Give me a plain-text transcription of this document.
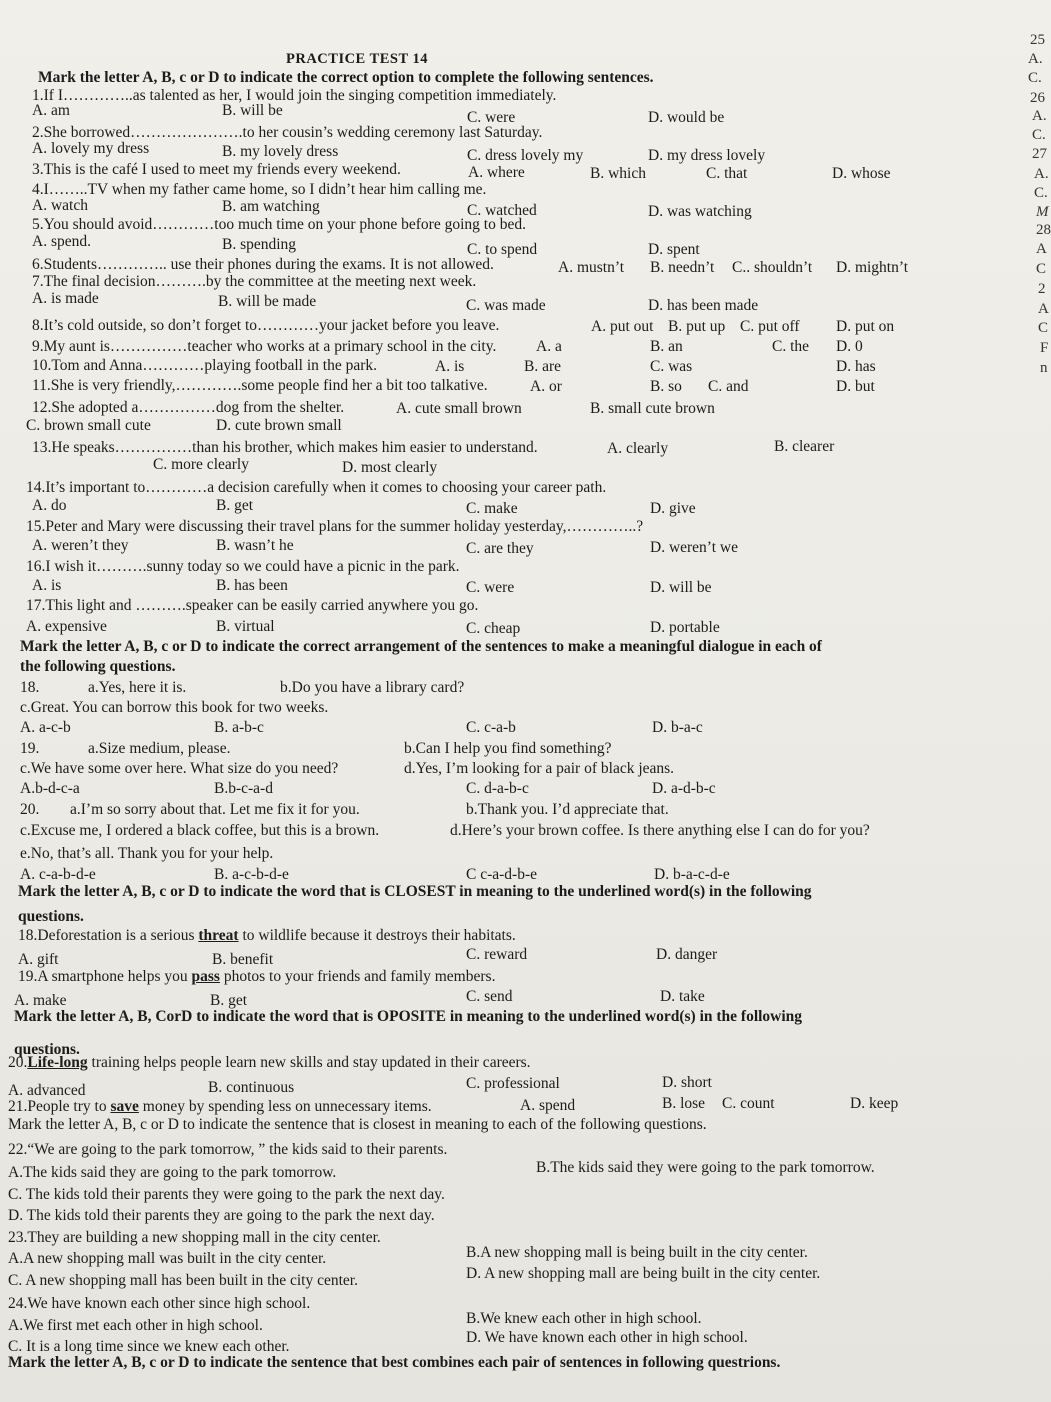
PRACTICE TEST 14
Mark the letter A, B, c or D to indicate the correct option to complete the following sentences.
1.If I…………..as talented as her, I would join the singing competition immediately.
A. am	B. will be	C. were	D. would be
2.She borrowed………………….to her cousin’s wedding ceremony last Saturday.
A. lovely my dress	B. my lovely dress	C. dress lovely my	D. my dress lovely
3.This is the café I used to meet my friends every weekend.	A. where	B. which	C. that	D. whose
4.I……..TV when my father came home, so I didn’t hear him calling me.
A. watch	B. am watching	C. watched	D. was watching
5.You should avoid…………too much time on your phone before going to bed.
A. spend.	B. spending	C. to spend	D. spent
6.Students………….. use their phones during the exams. It is not allowed.	A. mustn’t B. needn’t C.. shouldn’t D. mightn’t
7.The final decision……….by the committee at the meeting next week.
A. is made	B. will be made	C. was made	D. has been made
8.It’s cold outside, so don’t forget to…………your jacket before you leave.	A. put out B. put up C. put off D. put on
9.My aunt is……………teacher who works at a primary school in the city.	A. a	B. an	C. the D. 0
10.Tom and Anna…………playing football in the park.	A. is	B. are	C. was	D. has
11.She is very friendly,………….some people find her a bit too talkative.	A. or	B. so C. and	D. but
12.She adopted a……………dog from the shelter.	A. cute small brown	B. small cute brown
C. brown small cute	D. cute brown small
13.He speaks……………than his brother, which makes him easier to understand.	A. clearly	B. clearer
C. more clearly	D. most clearly
14.It’s important to…………a decision carefully when it comes to choosing your career path.
A. do	B. get	C. make	D. give
15.Peter and Mary were discussing their travel plans for the summer holiday yesterday,…………..?
A. weren’t they	B. wasn’t he	C. are they	D. weren’t we
16.I wish it……….sunny today so we could have a picnic in the park.
A. is	B. has been	C. were	D. will be
17.This light and ……….speaker can be easily carried anywhere you go.
A. expensive	B. virtual	C. cheap	D. portable
Mark the letter A, B, c or D to indicate the correct arrangement of the sentences to make a meaningful dialogue in each of
the following questions.
18.	a.Yes, here it is.	b.Do you have a library card?
c.Great. You can borrow this book for two weeks.
A. a-c-b	B. a-b-c	C. c-a-b	D. b-a-c
19.	a.Size medium, please.	b.Can I help you find something?
c.We have some over here. What size do you need?	d.Yes, I’m looking for a pair of black jeans.
A.b-d-c-a	B.b-c-a-d	C. d-a-b-c	D. a-d-b-c
20. a.I’m so sorry about that. Let me fix it for you.	b.Thank you. I’d appreciate that.
c.Excuse me, I ordered a black coffee, but this is a brown.	d.Here’s your brown coffee. Is there anything else I can do for you?
e.No, that’s all. Thank you for your help.
A. c-a-b-d-e	B. a-c-b-d-e	C c-a-d-b-e	D. b-a-c-d-e
Mark the letter A, B, c or D to indicate the word that is CLOSEST in meaning to the underlined word(s) in the following
questions.
18.Deforestation is a serious threat to wildlife because it destroys their habitats.
A. gift	B. benefit	C. reward	D. danger
19.A smartphone helps you pass photos to your friends and family members.
A. make	B. get	C. send	D. take
Mark the letter A, B, CorD to indicate the word that is OPOSITE in meaning to the underlined word(s) in the following
questions.
20.Life-long training helps people learn new skills and stay updated in their careers.
A. advanced	B. continuous	C. professional	D. short
21.People try to save money by spending less on unnecessary items.	A. spend	B. lose C. count	D. keep
Mark the letter A, B, c or D to indicate the sentence that is closest in meaning to each of the following questions.
22.“We are going to the park tomorrow, ” the kids said to their parents.
A.The kids said they are going to the park tomorrow.	B.The kids said they were going to the park tomorrow.
C. The kids told their parents they were going to the park the next day.
D. The kids told their parents they are going to the park the next day.
23.They are building a new shopping mall in the city center.
A.A new shopping mall was built in the city center.	B.A new shopping mall is being built in the city center.
C. A new shopping mall has been built in the city center.	D. A new shopping mall are being built in the city center.
24.We have known each other since high school.
A.We first met each other in high school.	B.We knew each other in high school.
C. It is a long time since we knew each other.
D. We have known each other in high school.
Mark the letter A, B, c or D to indicate the sentence that best combines each pair of sentences in following questrions.
25
A.
C.
26
A.
C.
27
A.
C.
M
28
A
C
2
A
C
F
n
